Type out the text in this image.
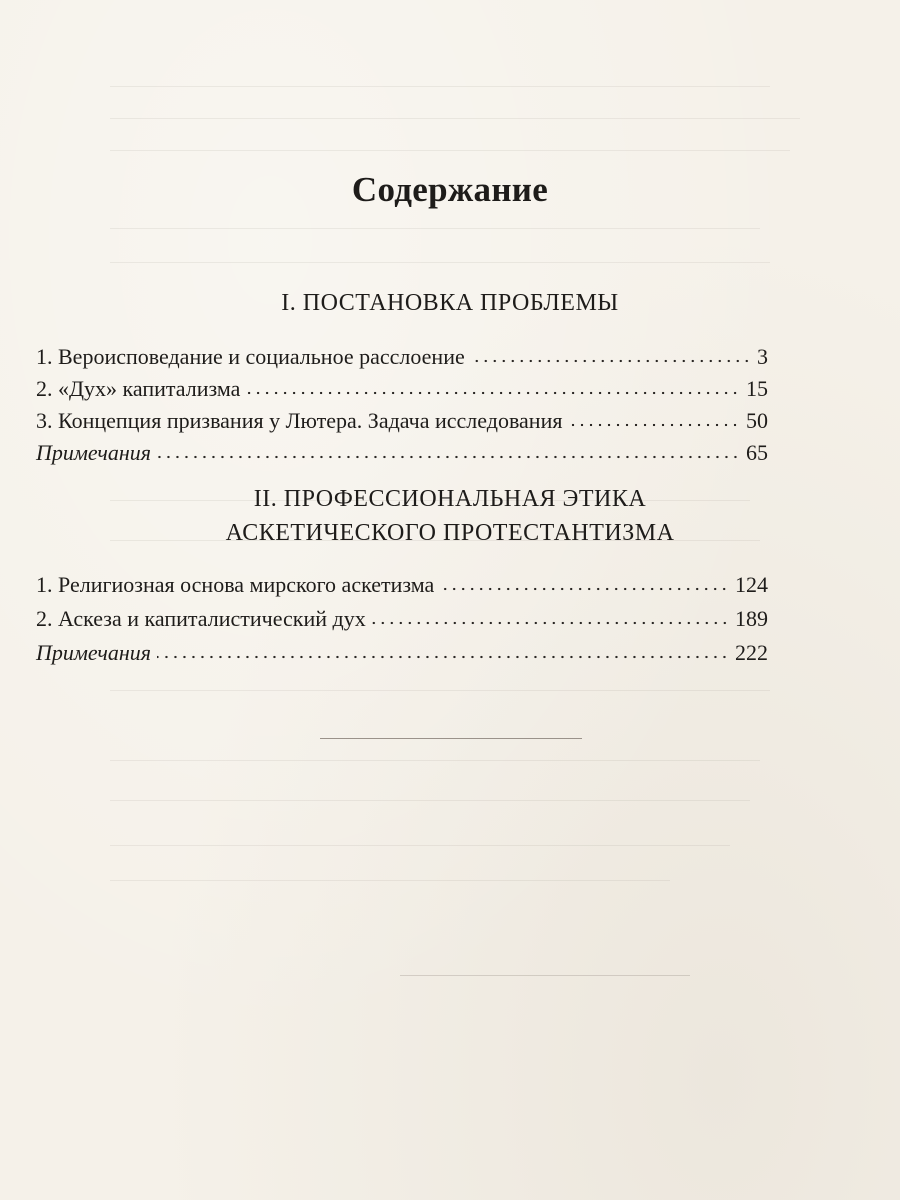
Содержание
I. ПОСТАНОВКА ПРОБЛЕМЫ
1. Вероисповедание и социальное расслоение	3
2. «Дух» капитализма	15
3. Концепция призвания у Лютера. Задача исследования	50
Примечания	65
II. ПРОФЕССИОНАЛЬНАЯ ЭТИКА
АСКЕТИЧЕСКОГО ПРОТЕСТАНТИЗМА
1. Религиозная основа мирского аскетизма	124
2. Аскеза и капиталистический дух	189
Примечания	222
